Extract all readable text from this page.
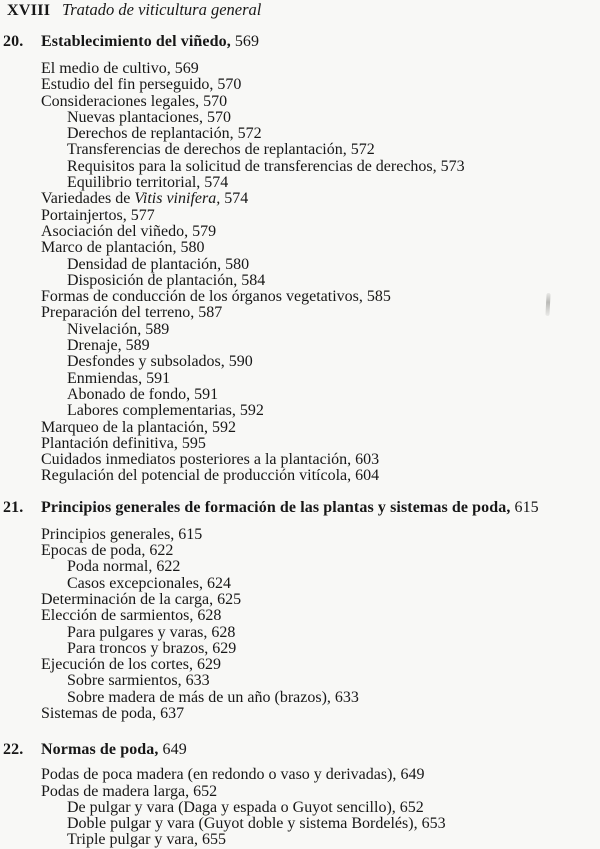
XVIII Tratado de viticultura general
20. Establecimiento del viñedo, 569
El medio de cultivo, 569
Estudio del fin perseguido, 570
Consideraciones legales, 570
Nuevas plantaciones, 570
Derechos de replantación, 572
Transferencias de derechos de replantación, 572
Requisitos para la solicitud de transferencias de derechos, 573
Equilibrio territorial, 574
Variedades de Vitis vinifera, 574
Portainjertos, 577
Asociación del viñedo, 579
Marco de plantación, 580
Densidad de plantación, 580
Disposición de plantación, 584
Formas de conducción de los órganos vegetativos, 585
Preparación del terreno, 587
Nivelación, 589
Drenaje, 589
Desfondes y subsolados, 590
Enmiendas, 591
Abonado de fondo, 591
Labores complementarias, 592
Marqueo de la plantación, 592
Plantación definitiva, 595
Cuidados inmediatos posteriores a la plantación, 603
Regulación del potencial de producción vitícola, 604
21. Principios generales de formación de las plantas y sistemas de poda, 615
Principios generales, 615
Epocas de poda, 622
Poda normal, 622
Casos excepcionales, 624
Determinación de la carga, 625
Elección de sarmientos, 628
Para pulgares y varas, 628
Para troncos y brazos, 629
Ejecución de los cortes, 629
Sobre sarmientos, 633
Sobre madera de más de un año (brazos), 633
Sistemas de poda, 637
22. Normas de poda, 649
Podas de poca madera (en redondo o vaso y derivadas), 649
Podas de madera larga, 652
De pulgar y vara (Daga y espada o Guyot sencillo), 652
Doble pulgar y vara (Guyot doble y sistema Bordelés), 653
Triple pulgar y vara, 655
